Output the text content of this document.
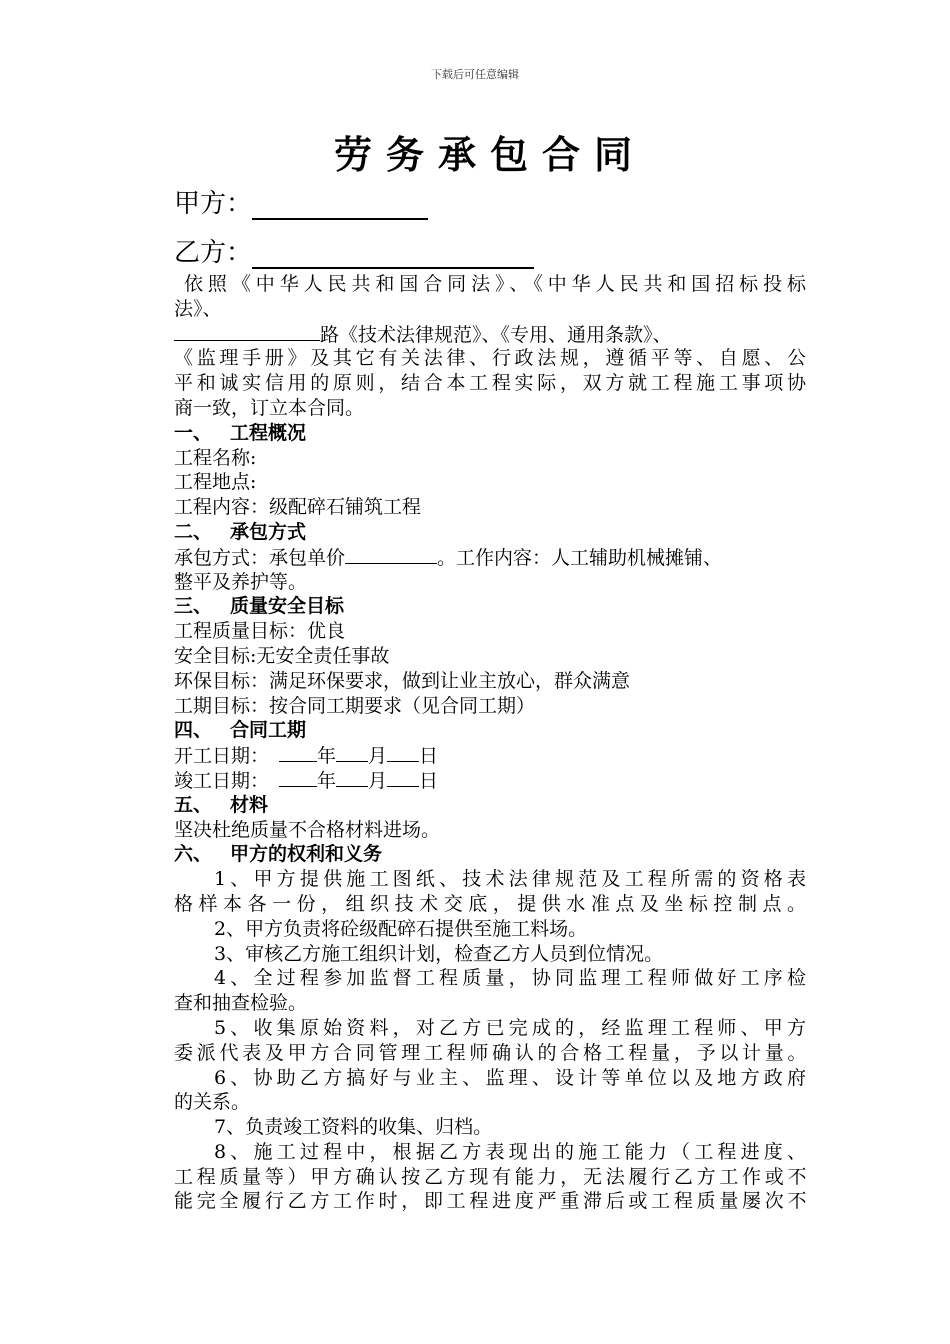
下载后可任意编辑
劳务承包合同
甲方：
乙方：
依照《中华人民共和国合同法》、《中华人民共和国招标投标
法》、
路《技术法律规范》、《专用、通用条款》、
《监理手册》及其它有关法律、行政法规，遵循平等、自愿、公
平和诚实信用的原则，结合本工程实际，双方就工程施工事项协
商一致，订立本合同。
一、 工程概况
工程名称:
工程地点:
工程内容：级配碎石铺筑工程
二、 承包方式
承包方式：承包单价	。工作内容：人工辅助机械摊铺、
整平及养护等。
三、 质量安全目标
工程质量目标：优良
安全目标:无安全责任事故
环保目标：满足环保要求，做到让业主放心，群众满意
工期目标：按合同工期要求（见合同工期）
四、 合同工期
开工日期：	年 月 日
竣工日期：	年 月 日
五、 材料
坚决杜绝质量不合格材料进场。
六、 甲方的权利和义务
1、甲方提供施工图纸、技术法律规范及工程所需的资格表
格样本各一份，组织技术交底，提供水准点及坐标控制点。
2、甲方负责将砼级配碎石提供至施工料场。
3、审核乙方施工组织计划，检查乙方人员到位情况。
4、全过程参加监督工程质量，协同监理工程师做好工序检
查和抽查检验。
5、收集原始资料，对乙方已完成的，经监理工程师、甲方
委派代表及甲方合同管理工程师确认的合格工程量，予以计量。
6、协助乙方搞好与业主、监理、设计等单位以及地方政府
的关系。
7、负责竣工资料的收集、归档。
8、施工过程中，根据乙方表现出的施工能力（工程进度、
工程质量等）甲方确认按乙方现有能力，无法履行乙方工作或不
能完全履行乙方工作时，即工程进度严重滞后或工程质量屡次不
